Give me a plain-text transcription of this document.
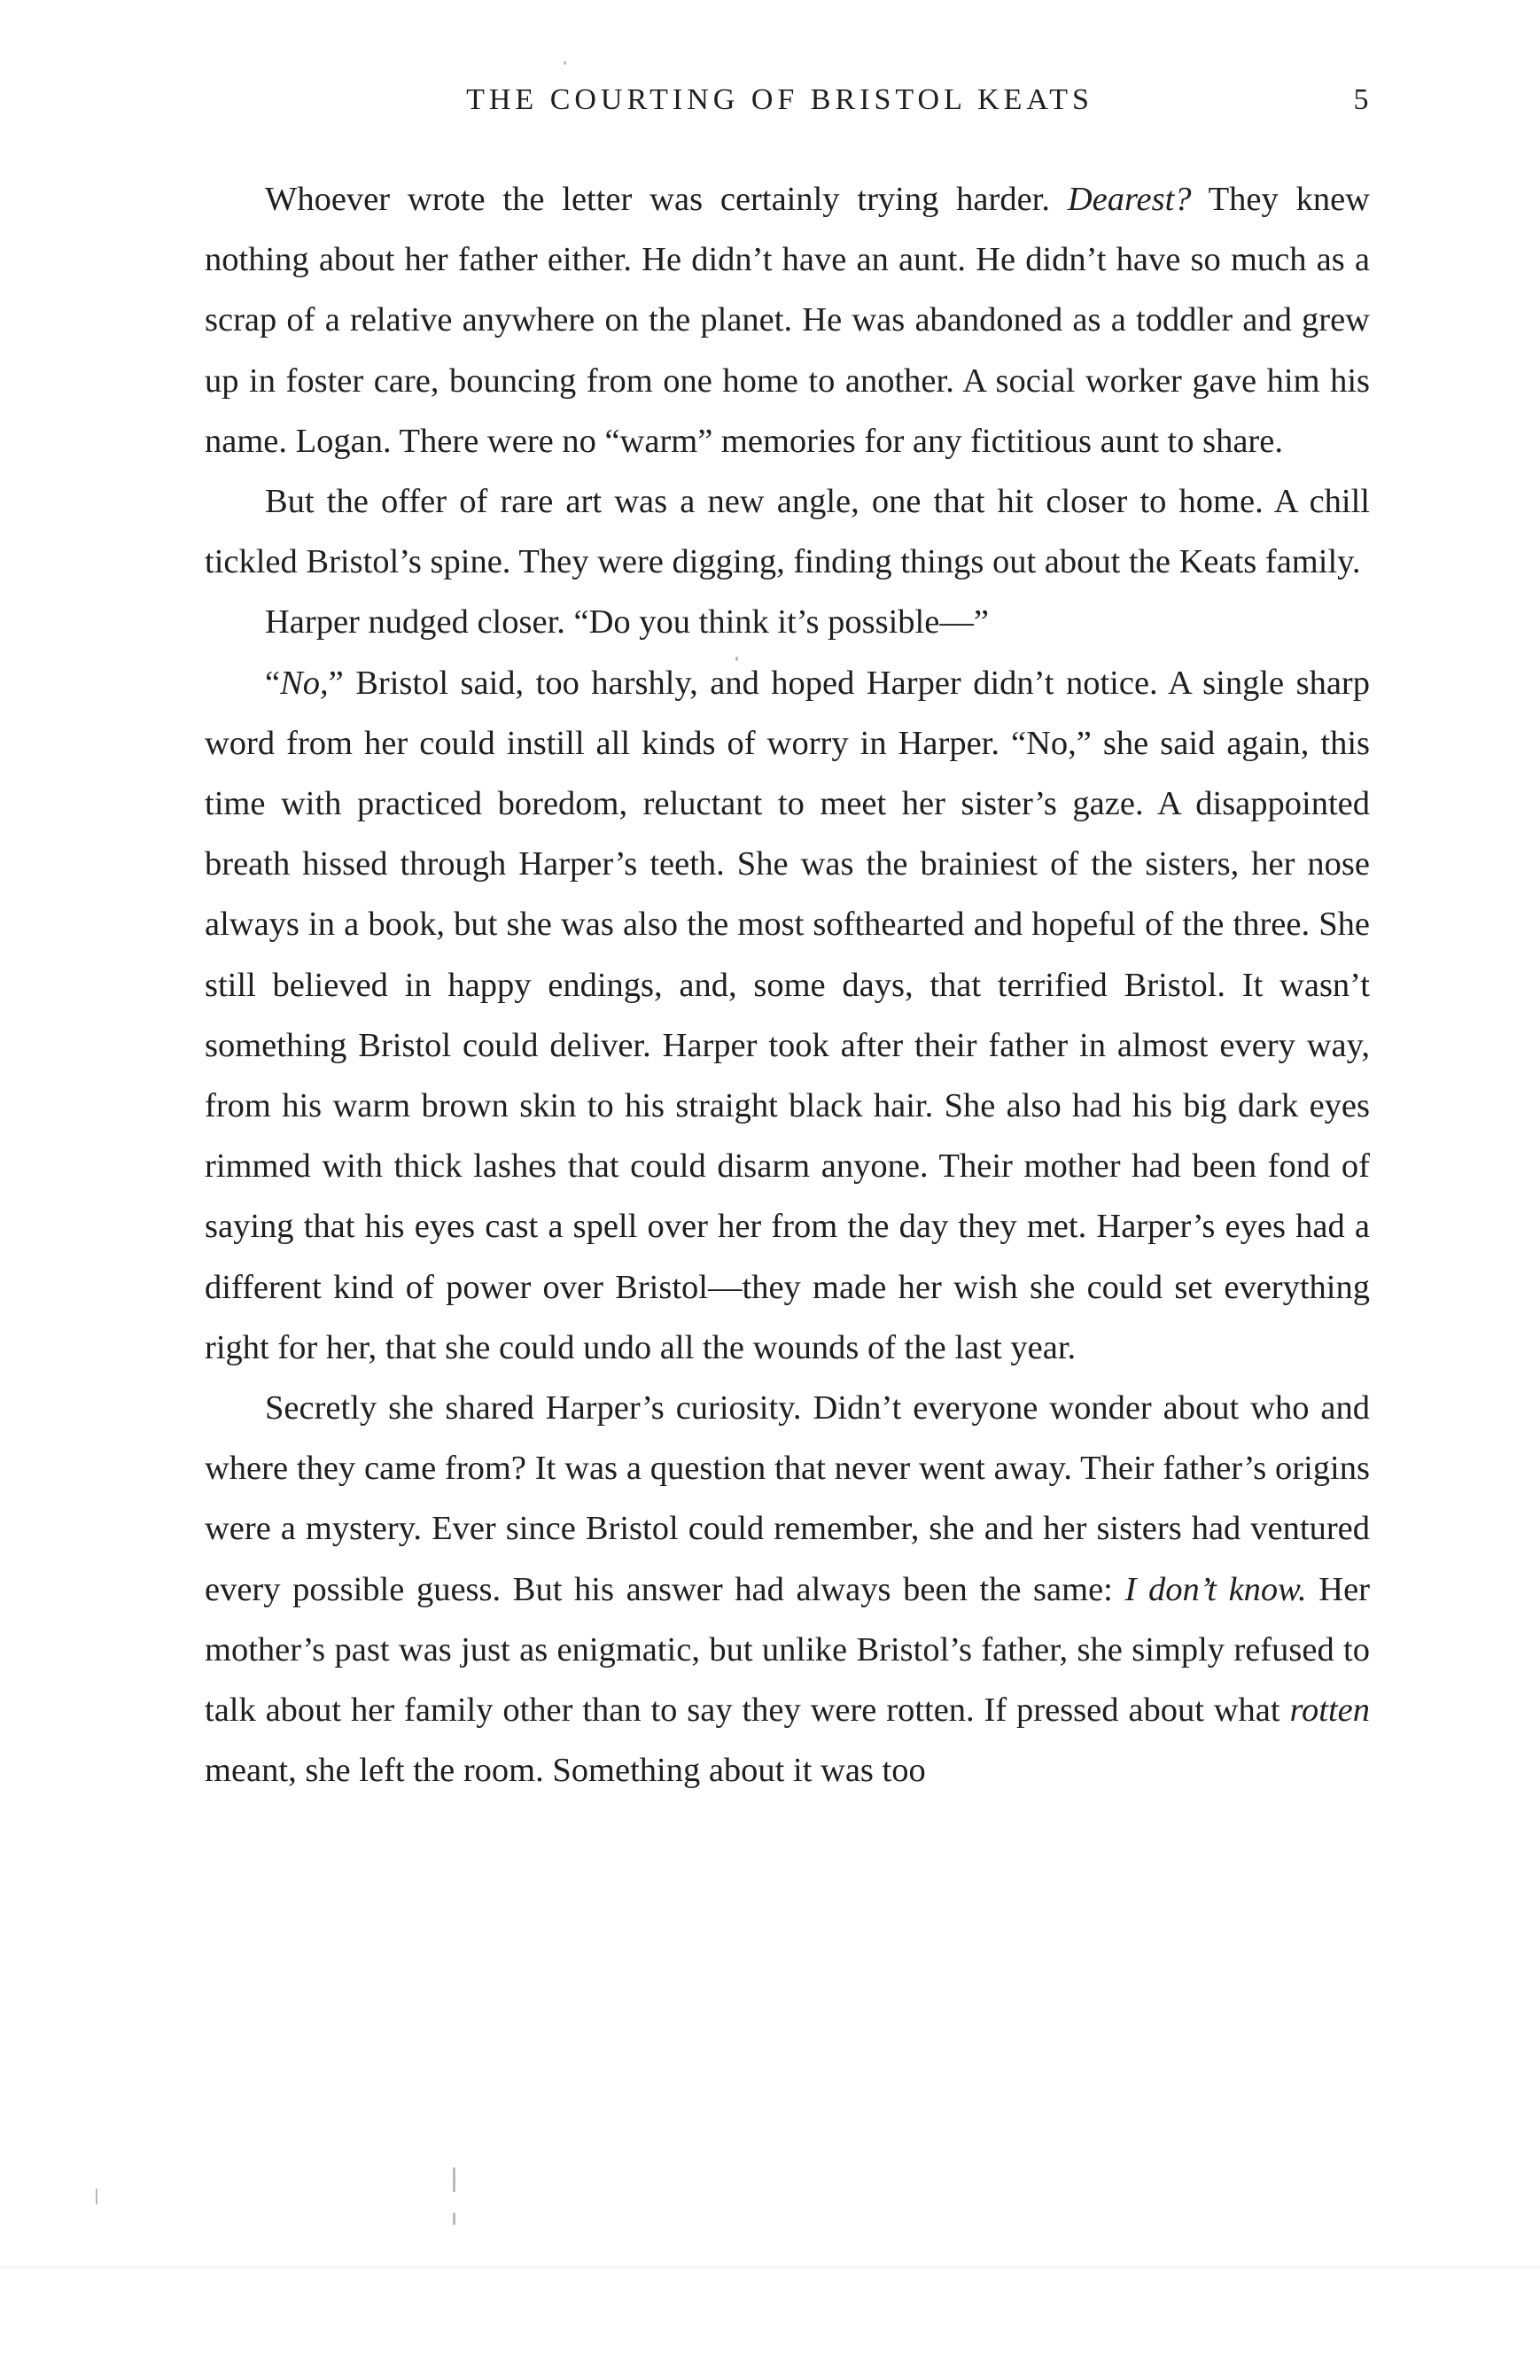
THE COURTING OF BRISTOL KEATS	5

Whoever wrote the letter was certainly trying harder. Dearest? They knew nothing about her father either. He didn’t have an aunt. He didn’t have so much as a scrap of a relative anywhere on the planet. He was abandoned as a toddler and grew up in foster care, bouncing from one home to another. A social worker gave him his name. Logan. There were no “warm” memories for any fictitious aunt to share.

But the offer of rare art was a new angle, one that hit closer to home. A chill tickled Bristol’s spine. They were digging, finding things out about the Keats family.

Harper nudged closer. “Do you think it’s possible—”

“No,” Bristol said, too harshly, and hoped Harper didn’t notice. A single sharp word from her could instill all kinds of worry in Harper. “No,” she said again, this time with practiced boredom, reluctant to meet her sister’s gaze. A disappointed breath hissed through Harper’s teeth. She was the brainiest of the sisters, her nose always in a book, but she was also the most softhearted and hopeful of the three. She still believed in happy endings, and, some days, that terrified Bristol. It wasn’t something Bristol could deliver. Harper took after their father in almost every way, from his warm brown skin to his straight black hair. She also had his big dark eyes rimmed with thick lashes that could disarm anyone. Their mother had been fond of saying that his eyes cast a spell over her from the day they met. Harper’s eyes had a different kind of power over Bristol—they made her wish she could set everything right for her, that she could undo all the wounds of the last year.

Secretly she shared Harper’s curiosity. Didn’t everyone wonder about who and where they came from? It was a question that never went away. Their father’s origins were a mystery. Ever since Bristol could remember, she and her sisters had ventured every possible guess. But his answer had always been the same: I don’t know. Her mother’s past was just as enigmatic, but unlike Bristol’s father, she simply refused to talk about her family other than to say they were rotten. If pressed about what rotten meant, she left the room. Something about it was too
